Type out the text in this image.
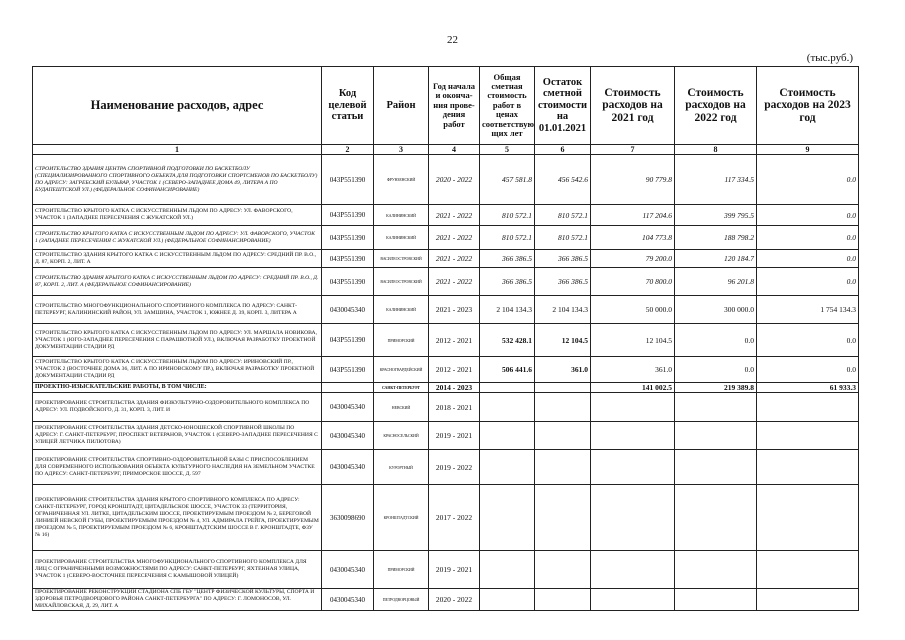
22
(тыс.руб.)
Наименование расходов, адрес	Код целевой статьи	Район	Год начала и оконча-ния прове-дения работ	Общая сметная стоимость работ в ценах соответствую щих лет	Остаток сметной стоимости на 01.01.2021	Стоимость расходов на 2021 год	Стоимость расходов на 2022 год	Стоимость расходов на 2023 год
1	2	3	4	5	6	7	8	9
СТРОИТЕЛЬСТВО ЗДАНИЯ ЦЕНТРА СПОРТИВНОЙ ПОДГОТОВКИ ПО БАСКЕТБОЛУ (СПЕЦИАЛИЗИРОВАННОГО СПОРТИВНОГО ОБЪЕКТА ДЛЯ ПОДГОТОВКИ СПОРТСМЕНОВ ПО БАСКЕТБОЛУ) ПО АДРЕСУ: ЗАГРЕБСКИЙ БУЛЬВАР, УЧАСТОК 1 (СЕВЕРО-ЗАПАДНЕЕ ДОМА 49, ЛИТЕРА А ПО БУДАПЕШТСКОЙ УЛ.) (ФЕДЕРАЛЬНОЕ СОФИНАНСИРОВАНИЕ)	043P551390	ФРУНЗЕНСКИЙ	2020 - 2022	457 581.8	456 542.6	90 779.8	117 334.5	0.0
СТРОИТЕЛЬСТВО КРЫТОГО КАТКА С ИСКУССТВЕННЫМ ЛЬДОМ ПО АДРЕСУ: УЛ. ФАВОРСКОГО, УЧАСТОК 1 (ЗАПАДНЕЕ ПЕРЕСЕЧЕНИЯ С ЖУКАТСКОЙ УЛ.)	043P551390	КАЛИНИНСКИЙ	2021 - 2022	810 572.1	810 572.1	117 204.6	399 795.5	0.0
СТРОИТЕЛЬСТВО КРЫТОГО КАТКА С ИСКУССТВЕННЫМ ЛЬДОМ ПО АДРЕСУ: УЛ. ФАВОРСКОГО, УЧАСТОК 1 (ЗАПАДНЕЕ ПЕРЕСЕЧЕНИЯ С ЖУКАТСКОЙ УЛ.) (ФЕДЕРАЛЬНОЕ СОФИНАНСИРОВАНИЕ)	043P551390	КАЛИНИНСКИЙ	2021 - 2022	810 572.1	810 572.1	104 773.8	188 798.2	0.0
СТРОИТЕЛЬСТВО ЗДАНИЯ КРЫТОГО КАТКА С ИСКУССТВЕННЫМ ЛЬДОМ ПО АДРЕСУ: СРЕДНИЙ ПР. В.О., Д. 87, КОРП. 2, ЛИТ. А	043P551390	ВАСИЛЕОСТРОВСКИЙ	2021 - 2022	366 386.5	366 386.5	79 200.0	120 184.7	0.0
СТРОИТЕЛЬСТВО ЗДАНИЯ КРЫТОГО КАТКА С ИСКУССТВЕННЫМ ЛЬДОМ ПО АДРЕСУ: СРЕДНИЙ ПР. В.О., Д. 87, КОРП. 2, ЛИТ. А (ФЕДЕРАЛЬНОЕ СОФИНАНСИРОВАНИЕ)	043P551390	ВАСИЛЕОСТРОВСКИЙ	2021 - 2022	366 386.5	366 386.5	70 800.0	96 201.8	0.0
СТРОИТЕЛЬСТВО МНОГОФУНКЦИОНАЛЬНОГО СПОРТИВНОГО КОМПЛЕКСА ПО АДРЕСУ: САНКТ-ПЕТЕРБУРГ, КАЛИНИНСКИЙ РАЙОН, УЛ. ЗАМШИНА, УЧАСТОК 1, ЮЖНЕЕ Д. 39, КОРП. 3, ЛИТЕРА А	0430045340	КАЛИНИНСКИЙ	2021 - 2023	2 104 134.3	2 104 134.3	50 000.0	300 000.0	1 754 134.3
СТРОИТЕЛЬСТВО КРЫТОГО КАТКА С ИСКУССТВЕННЫМ ЛЬДОМ ПО АДРЕСУ: УЛ. МАРШАЛА НОВИКОВА, УЧАСТОК 1 (ЮГО-ЗАПАДНЕЕ ПЕРЕСЕЧЕНИЯ С ПАРАШЮТНОЙ УЛ.), ВКЛЮЧАЯ РАЗРАБОТКУ ПРОЕКТНОЙ ДОКУМЕНТАЦИИ СТАДИИ РД	043P551390	ПРИМОРСКИЙ	2012 - 2021	532 428.1	12 104.5	12 104.5	0.0	0.0
СТРОИТЕЛЬСТВО КРЫТОГО КАТКА С ИСКУССТВЕННЫМ ЛЬДОМ ПО АДРЕСУ: ИРИНОВСКИЙ ПР., УЧАСТОК 2 (ВОСТОЧНЕЕ ДОМА 36, ЛИТ. А ПО ИРИНОВСКОМУ ПР.), ВКЛЮЧАЯ РАЗРАБОТКУ ПРОЕКТНОЙ ДОКУМЕНТАЦИИ СТАДИИ РД	043P551390	КРАСНОГВАРДЕЙСКИЙ	2012 - 2021	506 441.6	361.0	361.0	0.0	0.0
ПРОЕКТНО-ИЗЫСКАТЕЛЬСКИЕ РАБОТЫ, В ТОМ ЧИСЛЕ:		САНКТ-ПЕТЕРБУРГ	2014 - 2023			141 002.5	219 389.8	61 933.3
ПРОЕКТИРОВАНИЕ СТРОИТЕЛЬСТВА ЗДАНИЯ ФИЗКУЛЬТУРНО-ОЗДОРОВИТЕЛЬНОГО КОМПЛЕКСА ПО АДРЕСУ: УЛ. ПОДВОЙСКОГО, Д. 31, КОРП. 3, ЛИТ. И	0430045340	НЕВСКИЙ	2018 - 2021					
ПРОЕКТИРОВАНИЕ СТРОИТЕЛЬСТВА ЗДАНИЯ ДЕТСКО-ЮНОШЕСКОЙ СПОРТИВНОЙ ШКОЛЫ ПО АДРЕСУ: Г. САНКТ-ПЕТЕРБУРГ, ПРОСПЕКТ ВЕТЕРАНОВ, УЧАСТОК 1 (СЕВЕРО-ЗАПАДНЕЕ ПЕРЕСЕЧЕНИЯ С УЛИЦЕЙ ЛЕТЧИКА ПИЛЮТОВА)	0430045340	КРАСНОСЕЛЬСКИЙ	2019 - 2021					
ПРОЕКТИРОВАНИЕ СТРОИТЕЛЬСТВА СПОРТИВНО-ОЗДОРОВИТЕЛЬНОЙ БАЗЫ С ПРИСПОСОБЛЕНИЕМ ДЛЯ СОВРЕМЕННОГО ИСПОЛЬЗОВАНИЯ ОБЪЕКТА КУЛЬТУРНОГО НАСЛЕДИЯ НА ЗЕМЕЛЬНОМ УЧАСТКЕ ПО АДРЕСУ: САНКТ-ПЕТЕРБУРГ, ПРИМОРСКОЕ ШОССЕ, Д. 597	0430045340	КУРОРТНЫЙ	2019 - 2022					
ПРОЕКТИРОВАНИЕ СТРОИТЕЛЬСТВА ЗДАНИЯ КРЫТОГО СПОРТИВНОГО КОМПЛЕКСА ПО АДРЕСУ: САНКТ-ПЕТЕРБУРГ, ГОРОД КРОНШТАДТ, ЦИТАДЕЛЬСКОЕ ШОССЕ, УЧАСТОК 33 (ТЕРРИТОРИЯ, ОГРАНИЧЕННАЯ УЛ. ЛИТКЕ, ЦИТАДЕЛЬСКИМ ШОССЕ, ПРОЕКТИРУЕМЫМ ПРОЕЗДОМ № 2, БЕРЕГОВОЙ ЛИНИЕЙ НЕВСКОЙ ГУБЫ, ПРОЕКТИРУЕМЫМ ПРОЕЗДОМ № 4, УЛ. АДМИРАЛА ГРЕЙГА, ПРОЕКТИРУЕМЫМ ПРОЕЗДОМ № 5, ПРОЕКТИРУЕМЫМ ПРОЕЗДОМ № 6, КРОНШТАДТСКИМ ШОССЕ В Г. КРОНШТАДТЕ, ФЗУ № 16)	3630098690	КРОНШТАДТСКИЙ	2017 - 2022					
ПРОЕКТИРОВАНИЕ СТРОИТЕЛЬСТВА МНОГОФУНКЦИОНАЛЬНОГО СПОРТИВНОГО КОМПЛЕКСА ДЛЯ ЛИЦ С ОГРАНИЧЕННЫМИ ВОЗМОЖНОСТЯМИ ПО АДРЕСУ: САНКТ-ПЕТЕРБУРГ, ЯХТЕННАЯ УЛИЦА, УЧАСТОК 1 (СЕВЕРО-ВОСТОЧНЕЕ ПЕРЕСЕЧЕНИЯ С КАМЫШОВОЙ УЛИЦЕЙ)	0430045340	ПРИМОРСКИЙ	2019 - 2021					
ПРОЕКТИРОВАНИЕ РЕКОНСТРУКЦИИ СТАДИОНА СПБ ГБУ "ЦЕНТР ФИЗИЧЕСКОЙ КУЛЬТУРЫ, СПОРТА И ЗДОРОВЬЯ ПЕТРОДВОРЦОВОГО РАЙОНА САНКТ-ПЕТЕРБУРГА" ПО АДРЕСУ: Г. ЛОМОНОСОВ, УЛ. МИХАЙЛОВСКАЯ, Д. 29, ЛИТ. А	0430045340	ПЕТРОДВОРЦОВЫЙ	2020 - 2022					
